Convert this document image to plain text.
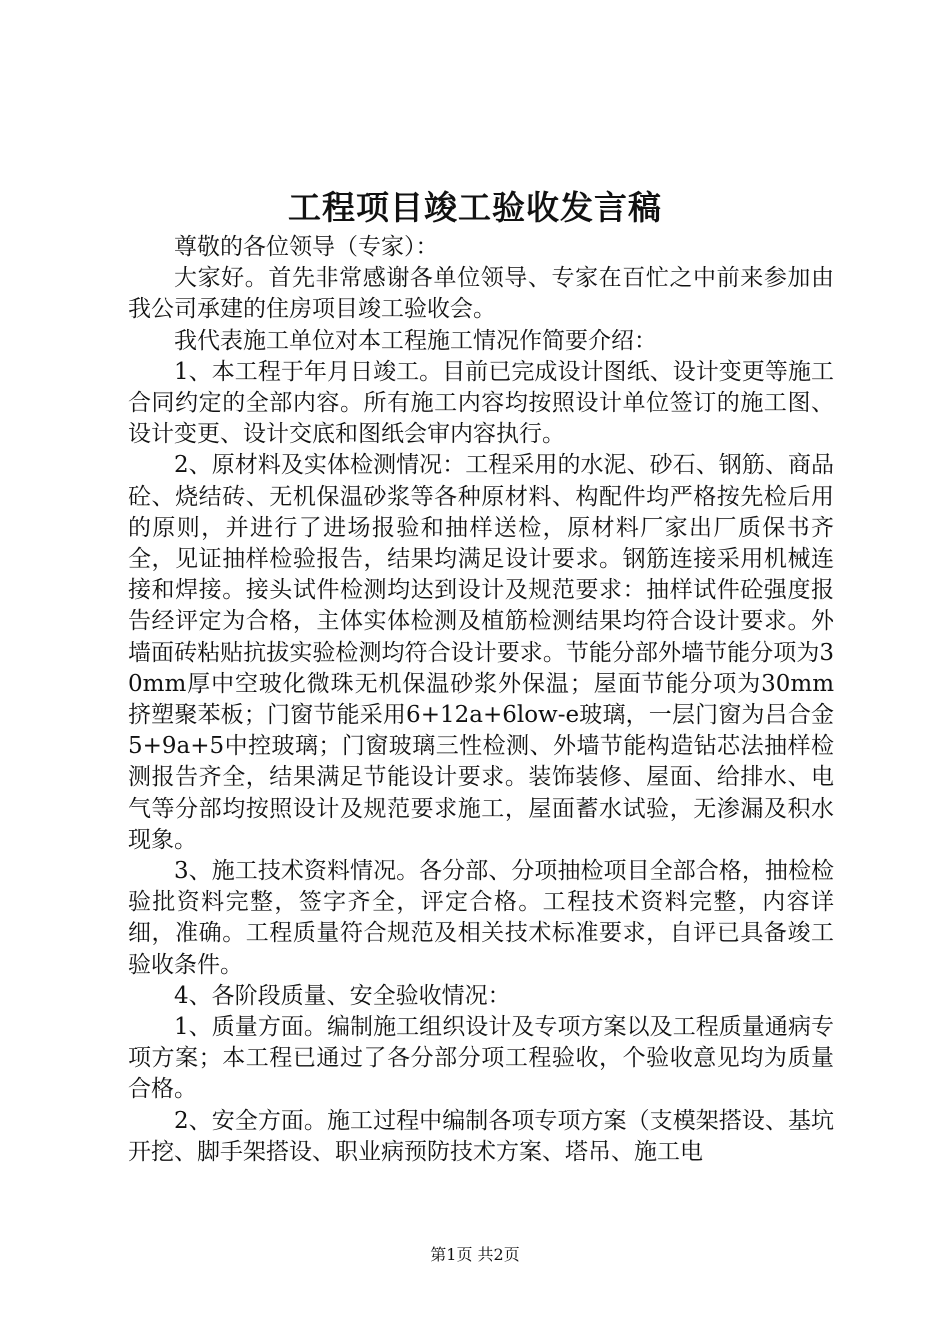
工程项目竣工验收发言稿

尊敬的各位领导（专家）：

大家好。首先非常感谢各单位领导、专家在百忙之中前来参加由我公司承建的住房项目竣工验收会。

我代表施工单位对本工程施工情况作简要介绍：

1、本工程于年月日竣工。目前已完成设计图纸、设计变更等施工合同约定的全部内容。所有施工内容均按照设计单位签订的施工图、设计变更、设计交底和图纸会审内容执行。

2、原材料及实体检测情况：工程采用的水泥、砂石、钢筋、商品砼、烧结砖、无机保温砂浆等各种原材料、构配件均严格按先检后用的原则，并进行了进场报验和抽样送检，原材料厂家出厂质保书齐全，见证抽样检验报告，结果均满足设计要求。钢筋连接采用机械连接和焊接。接头试件检测均达到设计及规范要求：抽样试件砼强度报告经评定为合格，主体实体检测及植筋检测结果均符合设计要求。外墙面砖粘贴抗拔实验检测均符合设计要求。节能分部外墙节能分项为30mm厚中空玻化微珠无机保温砂浆外保温；屋面节能分项为30mm挤塑聚苯板；门窗节能采用6+12a+6low-e玻璃，一层门窗为吕合金5+9a+5中控玻璃；门窗玻璃三性检测、外墙节能构造钻芯法抽样检测报告齐全，结果满足节能设计要求。装饰装修、屋面、给排水、电气等分部均按照设计及规范要求施工，屋面蓄水试验，无渗漏及积水现象。

3、施工技术资料情况。各分部、分项抽检项目全部合格，抽检检验批资料完整，签字齐全，评定合格。工程技术资料完整，内容详细，准确。工程质量符合规范及相关技术标准要求，自评已具备竣工验收条件。

4、各阶段质量、安全验收情况：

1、质量方面。编制施工组织设计及专项方案以及工程质量通病专项方案；本工程已通过了各分部分项工程验收，个验收意见均为质量合格。

2、安全方面。施工过程中编制各项专项方案（支模架搭设、基坑开挖、脚手架搭设、职业病预防技术方案、塔吊、施工电

第1页 共2页
